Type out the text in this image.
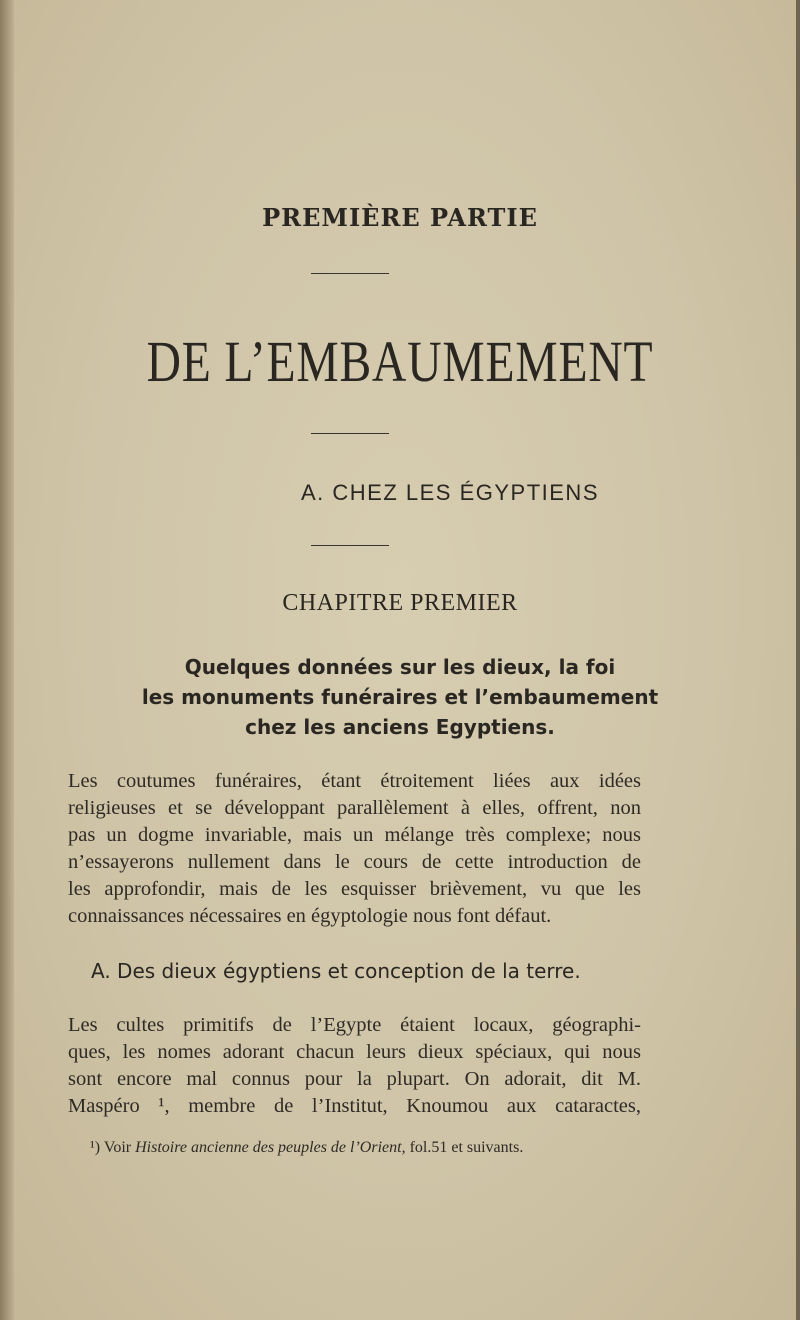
PREMIÈRE PARTIE
DE L’EMBAUMEMENT
A. CHEZ LES ÉGYPTIENS
CHAPITRE PREMIER
Quelques données sur les dieux, la foi
les monuments funéraires et l’embaumement
chez les anciens Egyptiens.
Les coutumes funéraires, étant étroitement liées aux idées
religieuses et se développant parallèlement à elles, offrent, non
pas un dogme invariable, mais un mélange très complexe; nous
n’essayerons nullement dans le cours de cette introduction de
les approfondir, mais de les esquisser brièvement, vu que les
connaissances nécessaires en égyptologie nous font défaut.
A. Des dieux égyptiens et conception de la terre.
Les cultes primitifs de l’Egypte étaient locaux, géographi-
ques, les nomes adorant chacun leurs dieux spéciaux, qui nous
sont encore mal connus pour la plupart. On adorait, dit M.
Maspéro ¹, membre de l’Institut, Knoumou aux cataractes,
¹) Voir Histoire ancienne des peuples de l’Orient, fol.51 et suivants.
